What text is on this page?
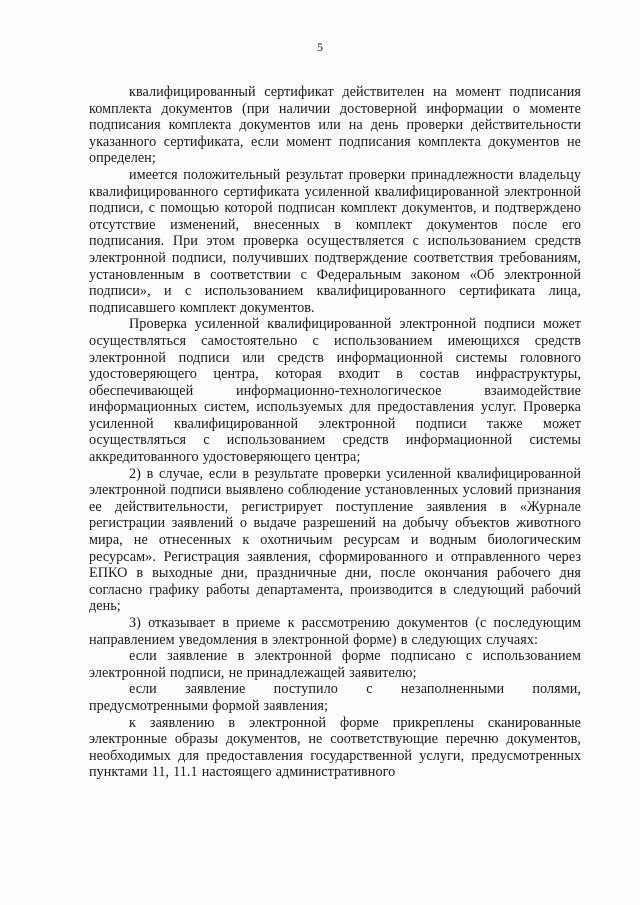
5

квалифицированный сертификат действителен на момент подписания комплекта документов (при наличии достоверной информации о моменте подписания комплекта документов или на день проверки действительности указанного сертификата, если момент подписания комплекта документов не определен;

имеется положительный результат проверки принадлежности владельцу квалифицированного сертификата усиленной квалифицированной электронной подписи, с помощью которой подписан комплект документов, и подтверждено отсутствие изменений, внесенных в комплект документов после его подписания. При этом проверка осуществляется с использованием средств электронной подписи, получивших подтверждение соответствия требованиям, установленным в соответствии с Федеральным законом «Об электронной подписи», и с использованием квалифицированного сертификата лица, подписавшего комплект документов.

Проверка усиленной квалифицированной электронной подписи может осуществляться самостоятельно с использованием имеющихся средств электронной подписи или средств информационной системы головного удостоверяющего центра, которая входит в состав инфраструктуры, обеспечивающей информационно-технологическое взаимодействие информационных систем, используемых для предоставления услуг. Проверка усиленной квалифицированной электронной подписи также может осуществляться с использованием средств информационной системы аккредитованного удостоверяющего центра;

2) в случае, если в результате проверки усиленной квалифицированной электронной подписи выявлено соблюдение установленных условий признания ее действительности, регистрирует поступление заявления в «Журнале регистрации заявлений о выдаче разрешений на добычу объектов животного мира, не отнесенных к охотничьим ресурсам и водным биологическим ресурсам». Регистрация заявления, сформированного и отправленного через ЕПКО в выходные дни, праздничные дни, после окончания рабочего дня согласно графику работы департамента, производится в следующий рабочий день;

3) отказывает в приеме к рассмотрению документов (с последующим направлением уведомления в электронной форме) в следующих случаях:

если заявление в электронной форме подписано с использованием электронной подписи, не принадлежащей заявителю;

если заявление поступило с незаполненными полями, предусмотренными формой заявления;

к заявлению в электронной форме прикреплены сканированные электронные образы документов, не соответствующие перечню документов, необходимых для предоставления государственной услуги, предусмотренных пунктами 11, 11.1 настоящего административного
